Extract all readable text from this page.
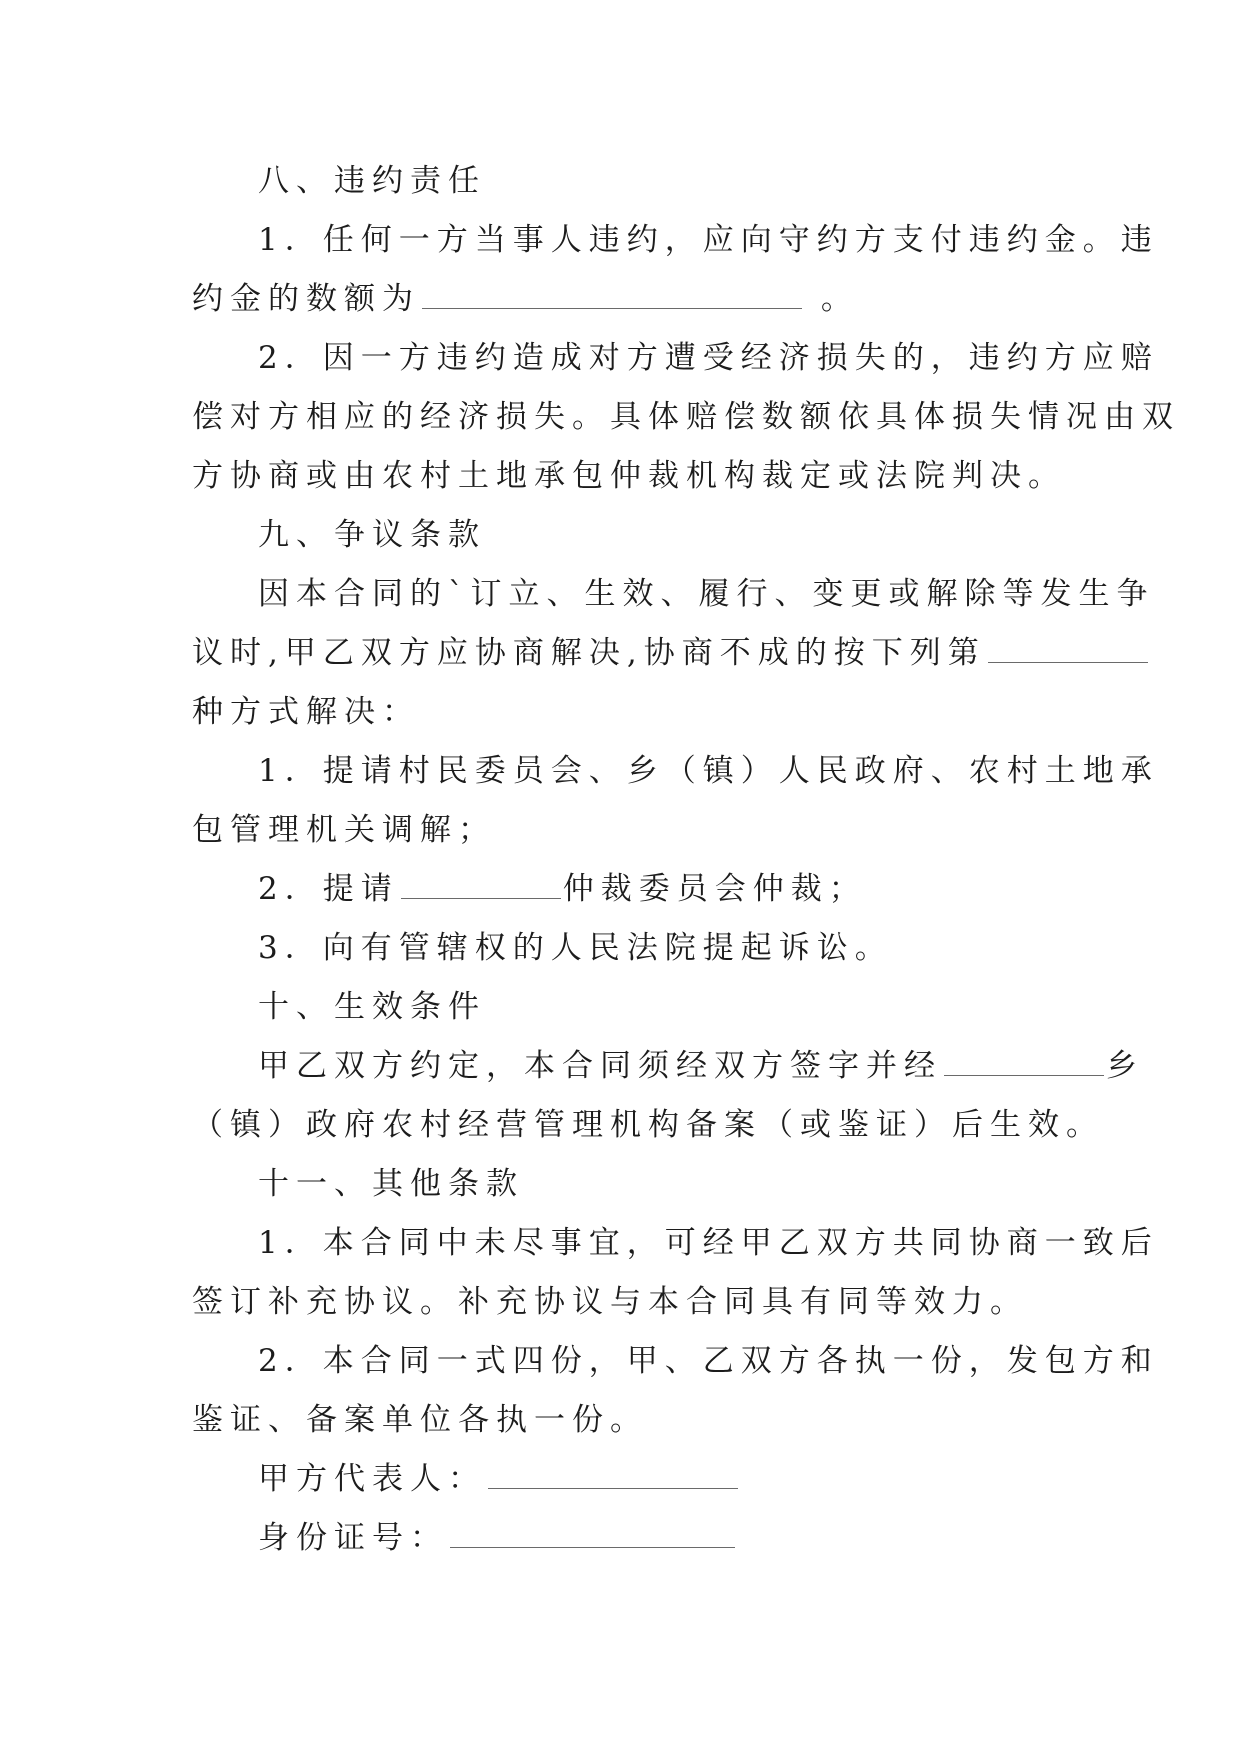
八、违约责任
1．任何一方当事人违约，应向守约方支付违约金。违
约金的数额为	。
2．因一方违约造成对方遭受经济损失的，违约方应赔
偿对方相应的经济损失。具体赔偿数额依具体损失情况由双
方协商或由农村土地承包仲裁机构裁定或法院判决。
九、争议条款
因本合同的`订立、生效、履行、变更或解除等发生争
议时,甲乙双方应协商解决,协商不成的按下列第
种方式解决：
1．提请村民委员会、乡（镇）人民政府、农村土地承
包管理机关调解；
2．提请	仲裁委员会仲裁；
3．向有管辖权的人民法院提起诉讼。
十、生效条件
甲乙双方约定，本合同须经双方签字并经	乡
（镇）政府农村经营管理机构备案（或鉴证）后生效。
十一、其他条款
1．本合同中未尽事宜，可经甲乙双方共同协商一致后
签订补充协议。补充协议与本合同具有同等效力。
2．本合同一式四份，甲、乙双方各执一份，发包方和
鉴证、备案单位各执一份。
甲方代表人：
身份证号：
